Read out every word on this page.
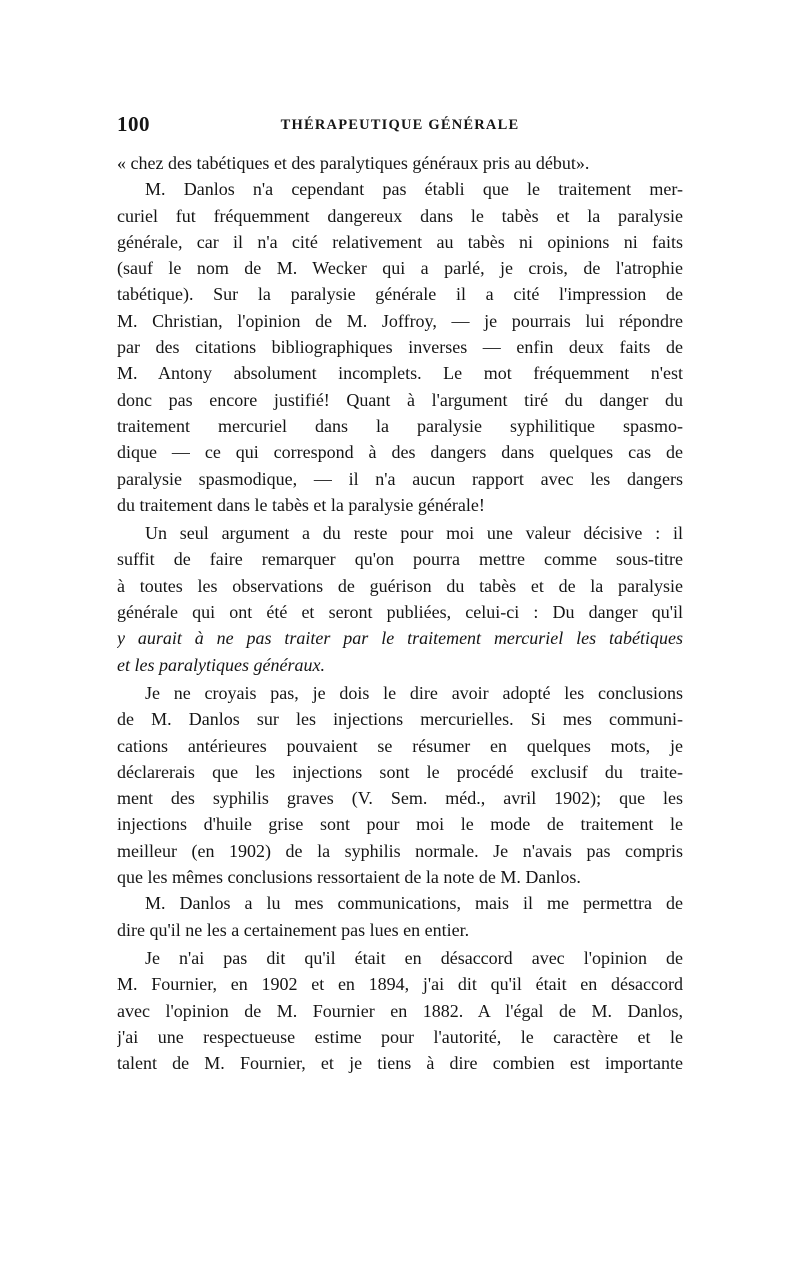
100	THÉRAPEUTIQUE GÉNÉRALE
« chez des tabétiques et des paralytiques généraux pris au début».
M. Danlos n'a cependant pas établi que le traitement mer-
curiel fut fréquemment dangereux dans le tabès et la paralysie
générale, car il n'a cité relativement au tabès ni opinions ni faits
(sauf le nom de M. Wecker qui a parlé, je crois, de l'atrophie
tabétique). Sur la paralysie générale il a cité l'impression de
M. Christian, l'opinion de M. Joffroy, — je pourrais lui répondre
par des citations bibliographiques inverses — enfin deux faits de
M. Antony absolument incomplets. Le mot fréquemment n'est
donc pas encore justifié! Quant à l'argument tiré du danger du
traitement mercuriel dans la paralysie syphilitique spasmo-
dique — ce qui correspond à des dangers dans quelques cas de
paralysie spasmodique, — il n'a aucun rapport avec les dangers
du traitement dans le tabès et la paralysie générale!
Un seul argument a du reste pour moi une valeur décisive : il
suffit de faire remarquer qu'on pourra mettre comme sous-titre
à toutes les observations de guérison du tabès et de la paralysie
générale qui ont été et seront publiées, celui-ci : Du danger qu'il
y aurait à ne pas traiter par le traitement mercuriel les tabétiques
et les paralytiques généraux.
Je ne croyais pas, je dois le dire avoir adopté les conclusions
de M. Danlos sur les injections mercurielles. Si mes communi-
cations antérieures pouvaient se résumer en quelques mots, je
déclarerais que les injections sont le procédé exclusif du traite-
ment des syphilis graves (V. Sem. méd., avril 1902); que les
injections d'huile grise sont pour moi le mode de traitement le
meilleur (en 1902) de la syphilis normale. Je n'avais pas compris
que les mêmes conclusions ressortaient de la note de M. Danlos.
M. Danlos a lu mes communications, mais il me permettra de
dire qu'il ne les a certainement pas lues en entier.
Je n'ai pas dit qu'il était en désaccord avec l'opinion de
M. Fournier, en 1902 et en 1894, j'ai dit qu'il était en désaccord
avec l'opinion de M. Fournier en 1882. A l'égal de M. Danlos,
j'ai une respectueuse estime pour l'autorité, le caractère et le
talent de M. Fournier, et je tiens à dire combien est importante
